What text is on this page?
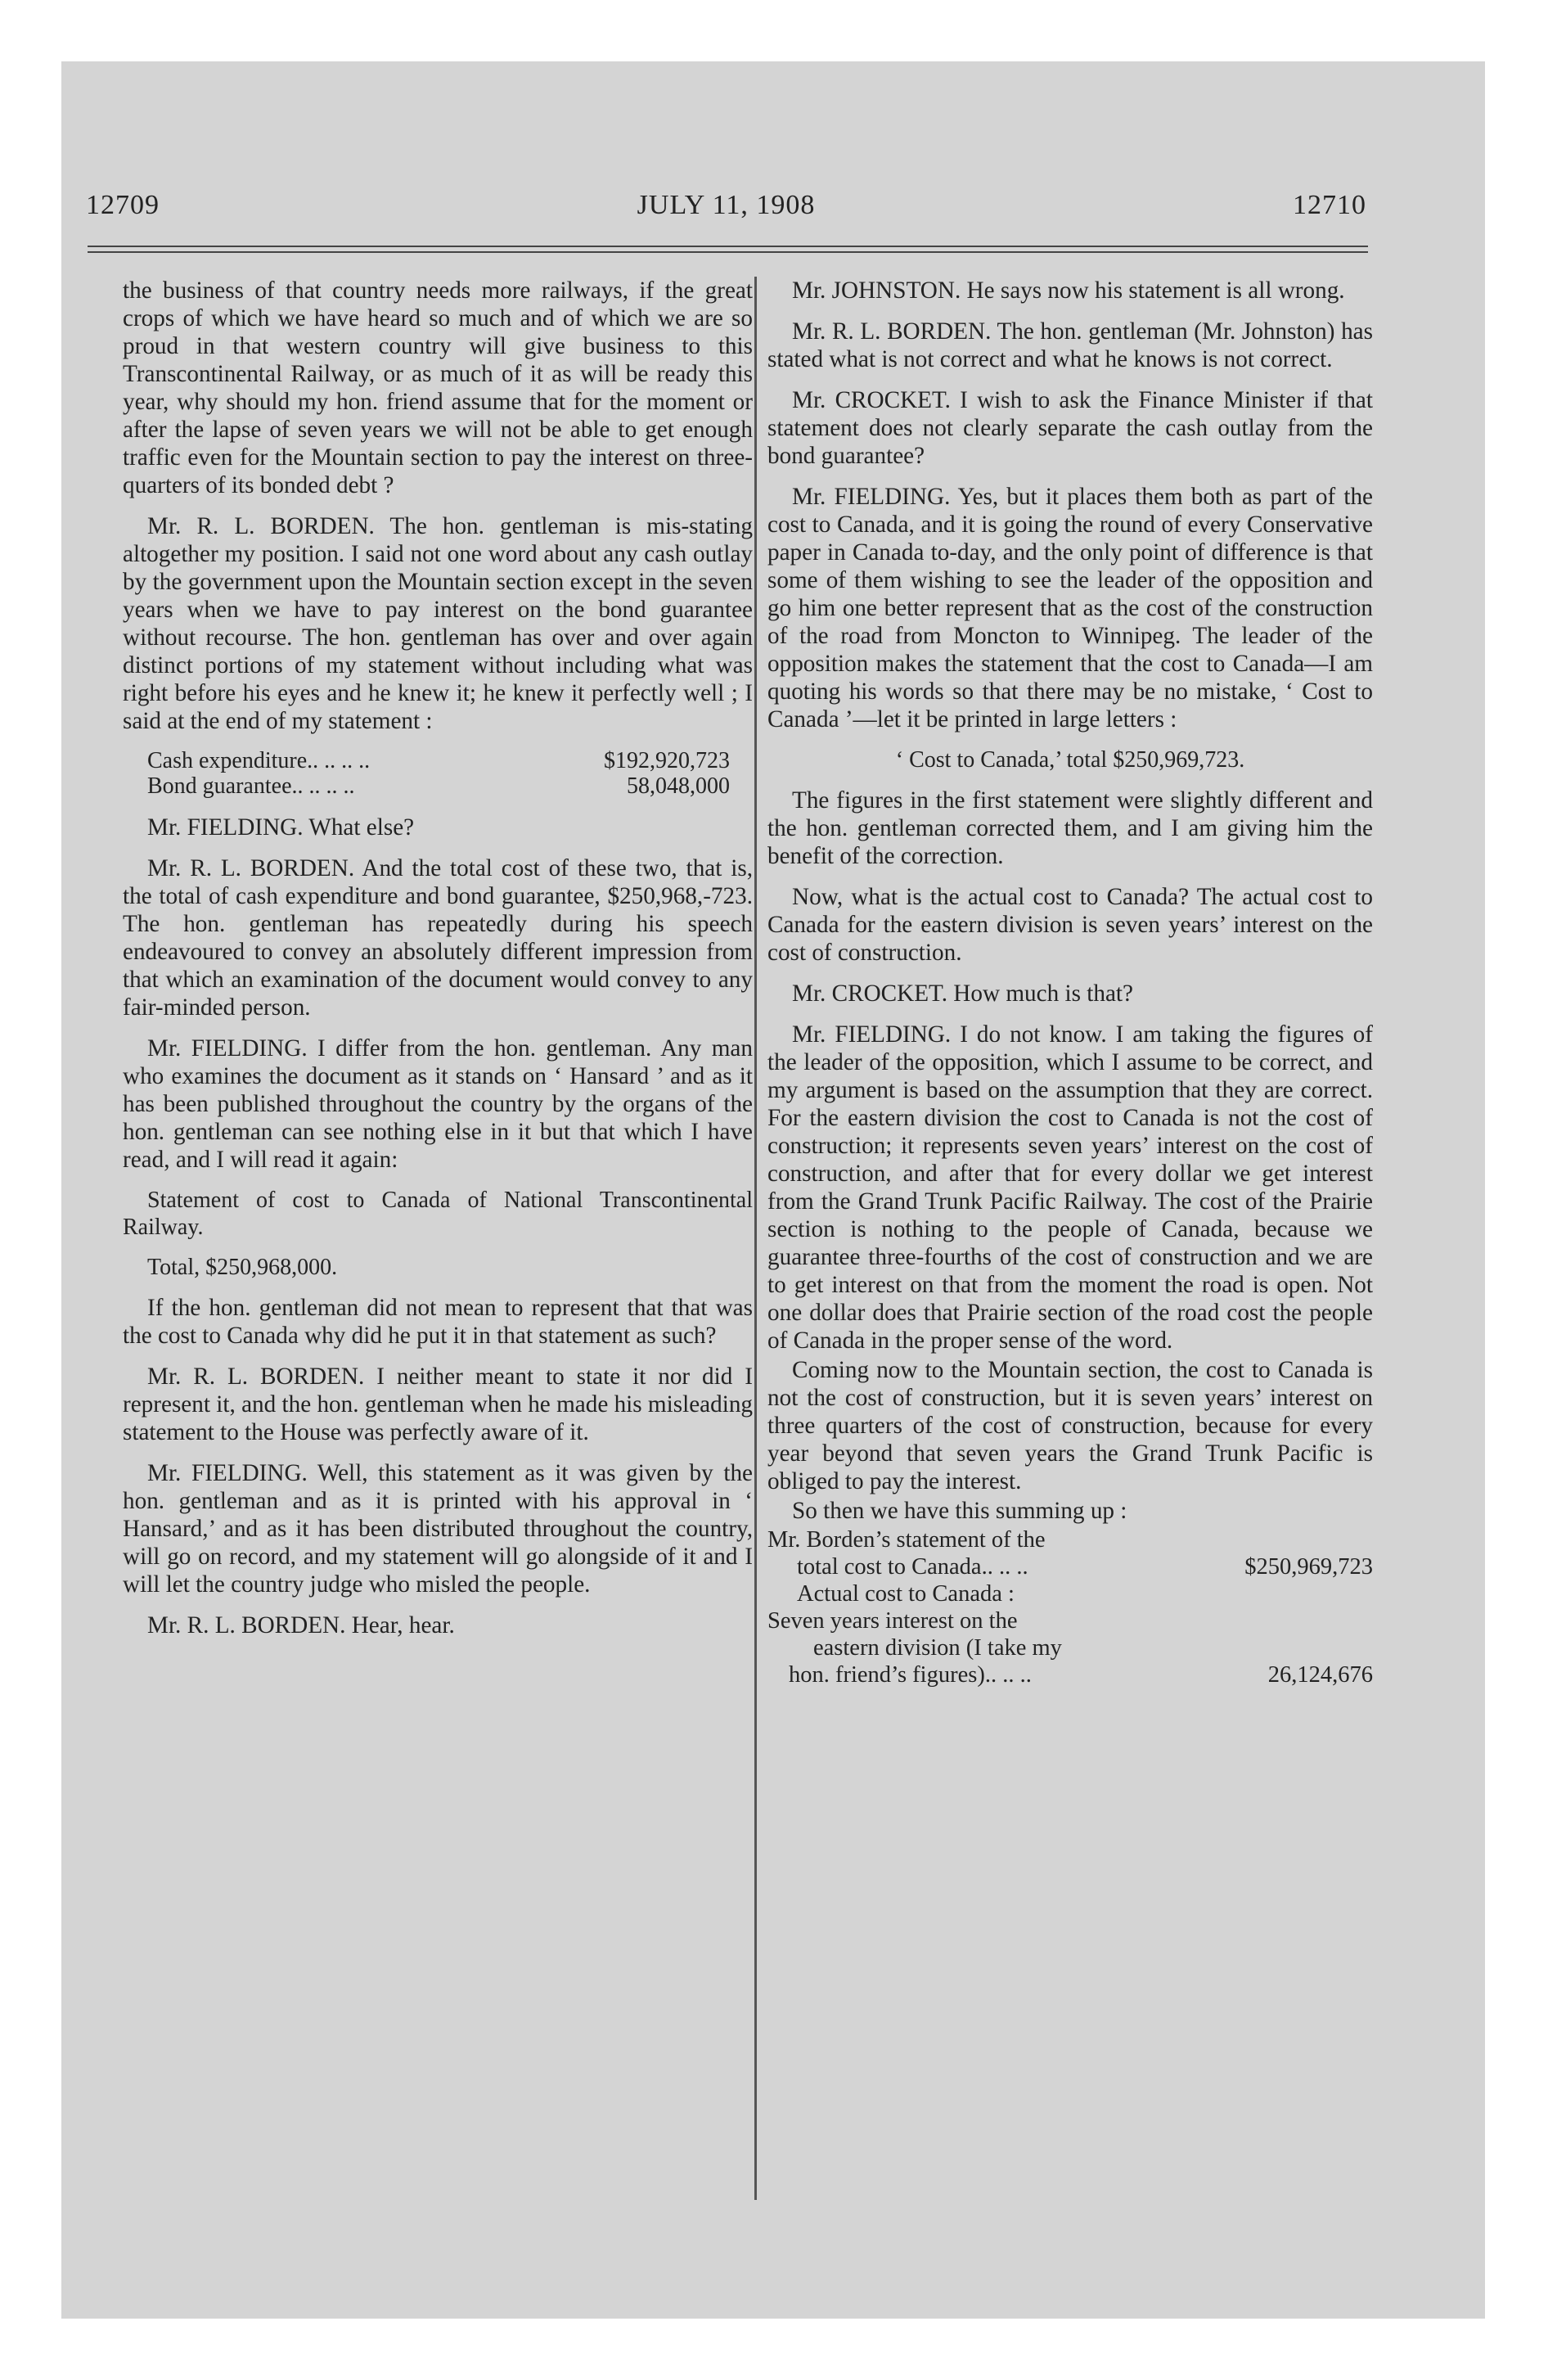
12709	JULY 11, 1908	12710

the business of that country needs more railways, if the great crops of which we have heard so much and of which we are so proud in that western country will give business to this Transcontinental Railway, or as much of it as will be ready this year, why should my hon. friend assume that for the moment or after the lapse of seven years we will not be able to get enough traffic even for the Mountain section to pay the interest on three-quarters of its bonded debt ?

Mr. R. L. BORDEN. The hon. gentleman is mis-stating altogether my position. I said not one word about any cash outlay by the government upon the Mountain section except in the seven years when we have to pay interest on the bond guarantee without recourse. The hon. gentleman has over and over again distinct portions of my statement without including what was right before his eyes and he knew it; he knew it perfectly well ; I said at the end of my statement :

Cash expenditure.. .. .. ..	$192,920,723
Bond guarantee.. .. .. ..	58,048,000

Mr. FIELDING. What else?

Mr. R. L. BORDEN. And the total cost of these two, that is, the total of cash expenditure and bond guarantee, $250,968,-723. The hon. gentleman has repeatedly during his speech endeavoured to convey an absolutely different impression from that which an examination of the document would convey to any fair-minded person.

Mr. FIELDING. I differ from the hon. gentleman. Any man who examines the document as it stands on ‘ Hansard ’ and as it has been published throughout the country by the organs of the hon. gentleman can see nothing else in it but that which I have read, and I will read it again:

Statement of cost to Canada of National Transcontinental Railway.

Total, $250,968,000.

If the hon. gentleman did not mean to represent that that was the cost to Canada why did he put it in that statement as such?

Mr. R. L. BORDEN. I neither meant to state it nor did I represent it, and the hon. gentleman when he made his misleading statement to the House was perfectly aware of it.

Mr. FIELDING. Well, this statement as it was given by the hon. gentleman and as it is printed with his approval in ‘ Hansard,’ and as it has been distributed throughout the country, will go on record, and my statement will go alongside of it and I will let the country judge who misled the people.

Mr. R. L. BORDEN. Hear, hear.

Mr. JOHNSTON. He says now his statement is all wrong.

Mr. R. L. BORDEN. The hon. gentleman (Mr. Johnston) has stated what is not correct and what he knows is not correct.

Mr. CROCKET. I wish to ask the Finance Minister if that statement does not clearly separate the cash outlay from the bond guarantee?

Mr. FIELDING. Yes, but it places them both as part of the cost to Canada, and it is going the round of every Conservative paper in Canada to-day, and the only point of difference is that some of them wishing to see the leader of the opposition and go him one better represent that as the cost of the construction of the road from Moncton to Winnipeg. The leader of the opposition makes the statement that the cost to Canada—I am quoting his words so that there may be no mistake, ‘ Cost to Canada ’—let it be printed in large letters :

‘ Cost to Canada,’ total $250,969,723.

The figures in the first statement were slightly different and the hon. gentleman corrected them, and I am giving him the benefit of the correction.

Now, what is the actual cost to Canada? The actual cost to Canada for the eastern division is seven years’ interest on the cost of construction.

Mr. CROCKET. How much is that?

Mr. FIELDING. I do not know. I am taking the figures of the leader of the opposition, which I assume to be correct, and my argument is based on the assumption that they are correct. For the eastern division the cost to Canada is not the cost of construction; it represents seven years’ interest on the cost of construction, and after that for every dollar we get interest from the Grand Trunk Pacific Railway. The cost of the Prairie section is nothing to the people of Canada, because we guarantee three-fourths of the cost of construction and we are to get interest on that from the moment the road is open. Not one dollar does that Prairie section of the road cost the people of Canada in the proper sense of the word.

Coming now to the Mountain section, the cost to Canada is not the cost of construction, but it is seven years’ interest on three quarters of the cost of construction, because for every year beyond that seven years the Grand Trunk Pacific is obliged to pay the interest.

So then we have this summing up :

Mr. Borden’s statement of the	
total cost to Canada.. .. ..	$250,969,723
Actual cost to Canada :	
Seven years interest on the	
eastern division (I take my	
hon. friend’s figures).. .. ..	26,124,676
